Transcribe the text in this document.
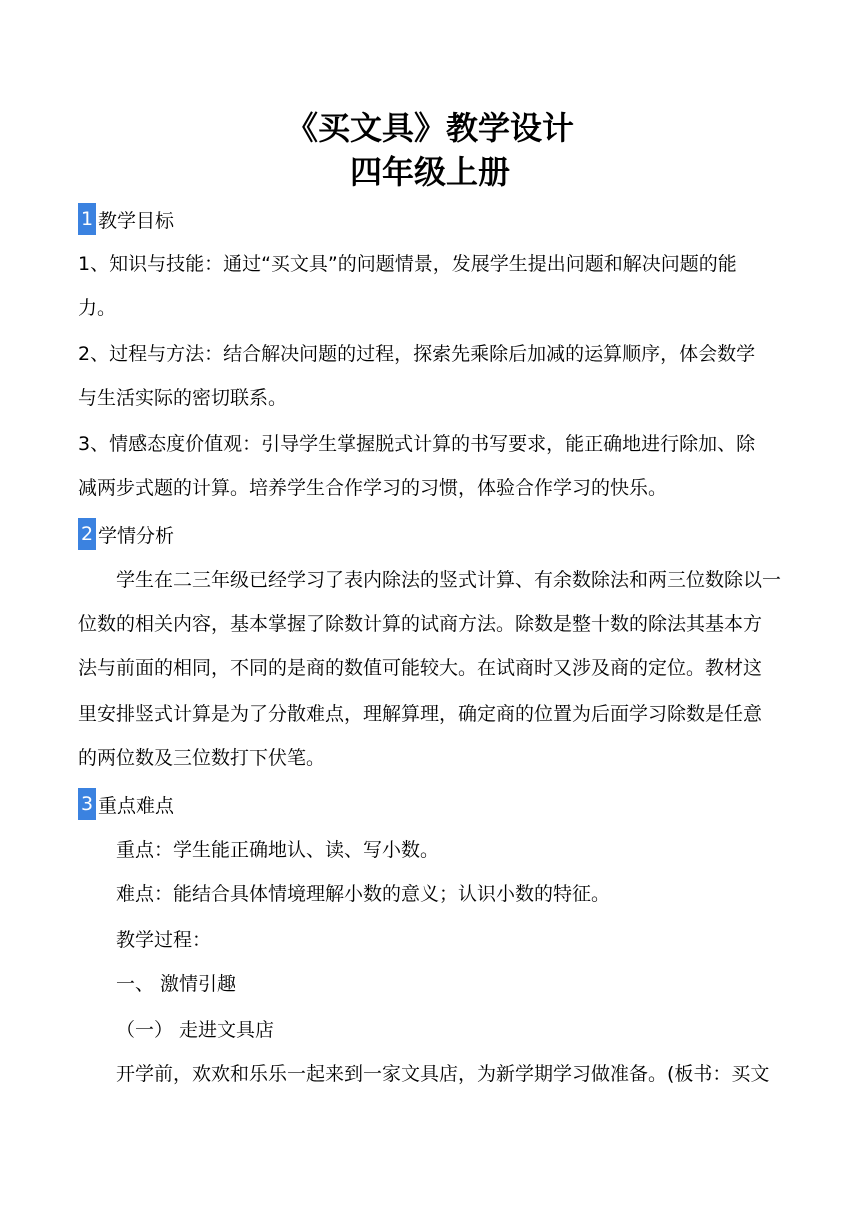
《买文具》教学设计
四年级上册
1 教学目标
1、知识与技能：通过“买文具”的问题情景，发展学生提出问题和解决问题的能
力。
2、过程与方法：结合解决问题的过程，探索先乘除后加减的运算顺序，体会数学
与生活实际的密切联系。
3、情感态度价值观：引导学生掌握脱式计算的书写要求，能正确地进行除加、除
减两步式题的计算。培养学生合作学习的习惯，体验合作学习的快乐。
2 学情分析
学生在二三年级已经学习了表内除法的竖式计算、有余数除法和两三位数除以一
位数的相关内容，基本掌握了除数计算的试商方法。除数是整十数的除法其基本方
法与前面的相同，不同的是商的数值可能较大。在试商时又涉及商的定位。教材这
里安排竖式计算是为了分散难点，理解算理，确定商的位置为后面学习除数是任意
的两位数及三位数打下伏笔。
3 重点难点
重点：学生能正确地认、读、写小数。
难点：能结合具体情境理解小数的意义；认识小数的特征。
教学过程：
一、 激情引趣
（一） 走进文具店
开学前，欢欢和乐乐一起来到一家文具店，为新学期学习做准备。(板书：买文
